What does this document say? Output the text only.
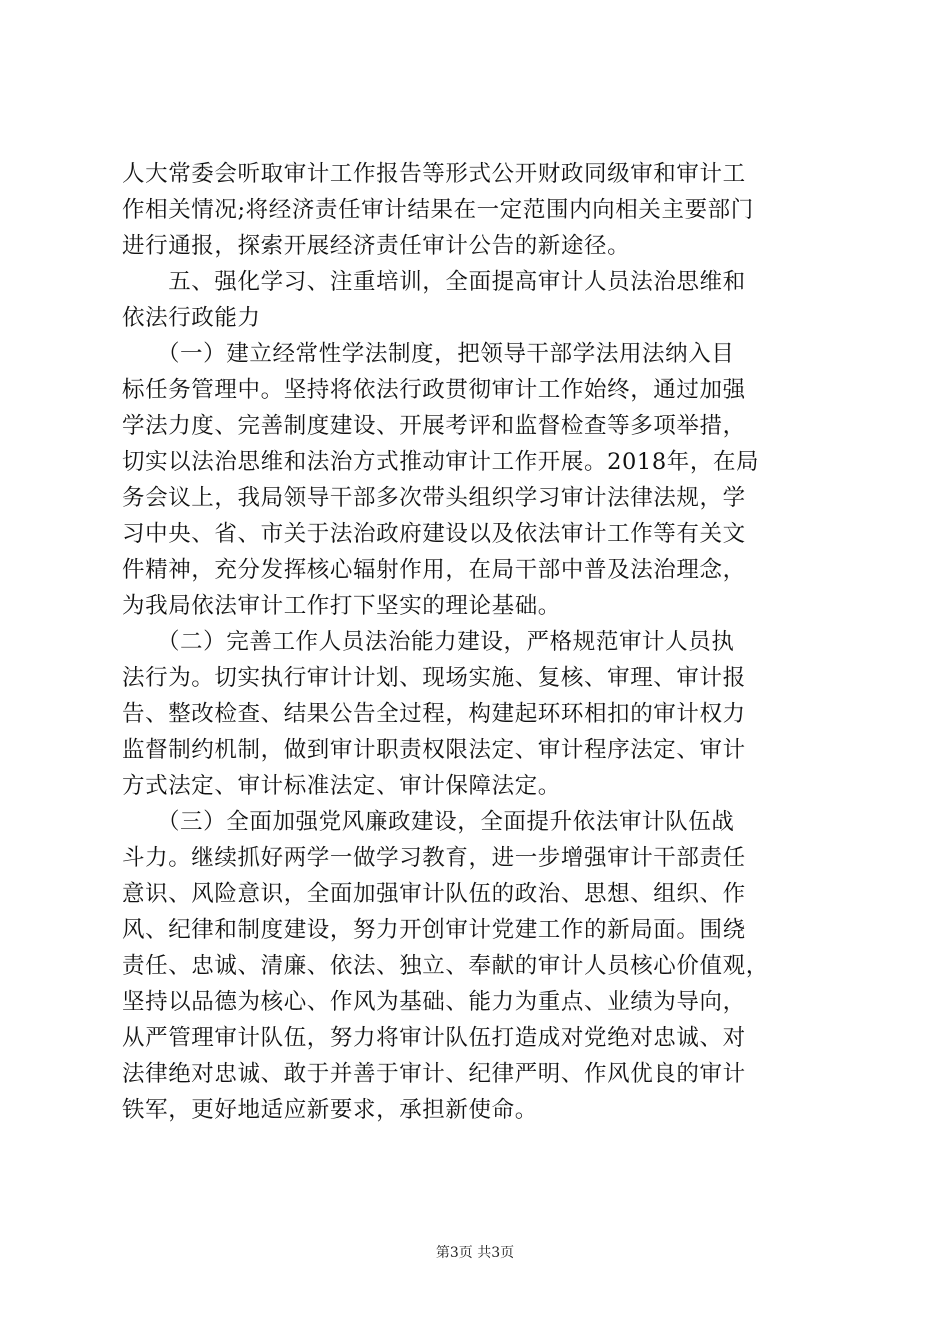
人大常委会听取审计工作报告等形式公开财政同级审和审计工
作相关情况;将经济责任审计结果在一定范围内向相关主要部门
进行通报，探索开展经济责任审计公告的新途径。
　　五、强化学习、注重培训，全面提高审计人员法治思维和
依法行政能力
　　（一）建立经常性学法制度，把领导干部学法用法纳入目
标任务管理中。坚持将依法行政贯彻审计工作始终，通过加强
学法力度、完善制度建设、开展考评和监督检查等多项举措，
切实以法治思维和法治方式推动审计工作开展。2018年，在局
务会议上，我局领导干部多次带头组织学习审计法律法规，学
习中央、省、市关于法治政府建设以及依法审计工作等有关文
件精神，充分发挥核心辐射作用，在局干部中普及法治理念，
为我局依法审计工作打下坚实的理论基础。
　　（二）完善工作人员法治能力建设，严格规范审计人员执
法行为。切实执行审计计划、现场实施、复核、审理、审计报
告、整改检查、结果公告全过程，构建起环环相扣的审计权力
监督制约机制，做到审计职责权限法定、审计程序法定、审计
方式法定、审计标准法定、审计保障法定。
　　（三）全面加强党风廉政建设，全面提升依法审计队伍战
斗力。继续抓好两学一做学习教育，进一步增强审计干部责任
意识、风险意识，全面加强审计队伍的政治、思想、组织、作
风、纪律和制度建设，努力开创审计党建工作的新局面。围绕
责任、忠诚、清廉、依法、独立、奉献的审计人员核心价值观，
坚持以品德为核心、作风为基础、能力为重点、业绩为导向，
从严管理审计队伍，努力将审计队伍打造成对党绝对忠诚、对
法律绝对忠诚、敢于并善于审计、纪律严明、作风优良的审计
铁军，更好地适应新要求，承担新使命。
第3页 共3页
